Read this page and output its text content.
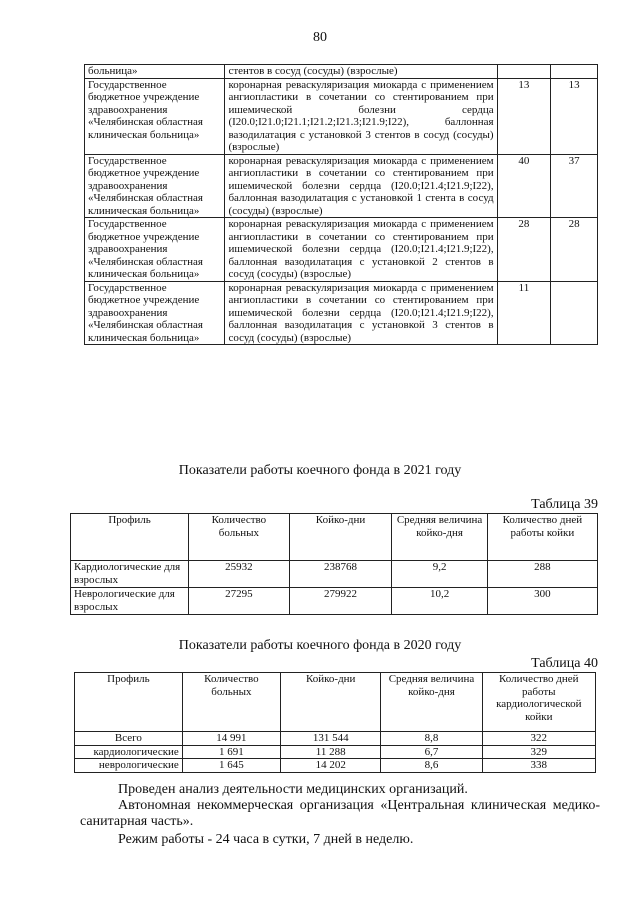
80
больница»	стентов в сосуд (сосуды) (взрослые)		
Государственное бюджетное учреждение здравоохранения «Челябинская областная клиническая больница»	коронарная реваскуляризация миокарда с применением ангиопластики в сочетании со стентированием при ишемической болезни сердца (I20.0;I21.0;I21.1;I21.2;I21.3;I21.9;I22), баллонная вазодилатация с установкой 3 стентов в сосуд (сосуды) (взрослые)	13	13
Государственное бюджетное учреждение здравоохранения «Челябинская областная клиническая больница»	коронарная реваскуляризация миокарда с применением ангиопластики в сочетании со стентированием при ишемической болезни сердца (I20.0;I21.4;I21.9;I22), баллонная вазодилатация с установкой 1 стента в сосуд (сосуды) (взрослые)	40	37
Государственное бюджетное учреждение здравоохранения «Челябинская областная клиническая больница»	коронарная реваскуляризация миокарда с применением ангиопластики в сочетании со стентированием при ишемической болезни сердца (I20.0;I21.4;I21.9;I22), баллонная вазодилатация с установкой 2 стентов в сосуд (сосуды) (взрослые)	28	28
Государственное бюджетное учреждение здравоохранения «Челябинская областная клиническая больница»	коронарная реваскуляризация миокарда с применением ангиопластики в сочетании со стентированием при ишемической болезни сердца (I20.0;I21.4;I21.9;I22), баллонная вазодилатация с установкой 3 стентов в сосуд (сосуды) (взрослые)	11	
Показатели работы коечного фонда в 2021 году
Таблица 39
Профиль	Количество больных	Койко-дни	Средняя величина койко-дня	Количество дней работы койки
Кардиологические для взрослых	25932	238768	9,2	288
Неврологические для взрослых	27295	279922	10,2	300
Показатели работы коечного фонда в 2020 году
Таблица 40
Профиль	Количество больных	Койко-дни	Средняя величина койко-дня	Количество дней работы кардиологической койки
Всего	14 991	131 544	8,8	322
кардиологические	1 691	11 288	6,7	329
неврологические	1 645	14 202	8,6	338
Проведен анализ деятельности медицинских организаций.
Автономная некоммерческая организация «Центральная клиническая медико-санитарная часть».
Режим работы - 24 часа в сутки, 7 дней в неделю.
